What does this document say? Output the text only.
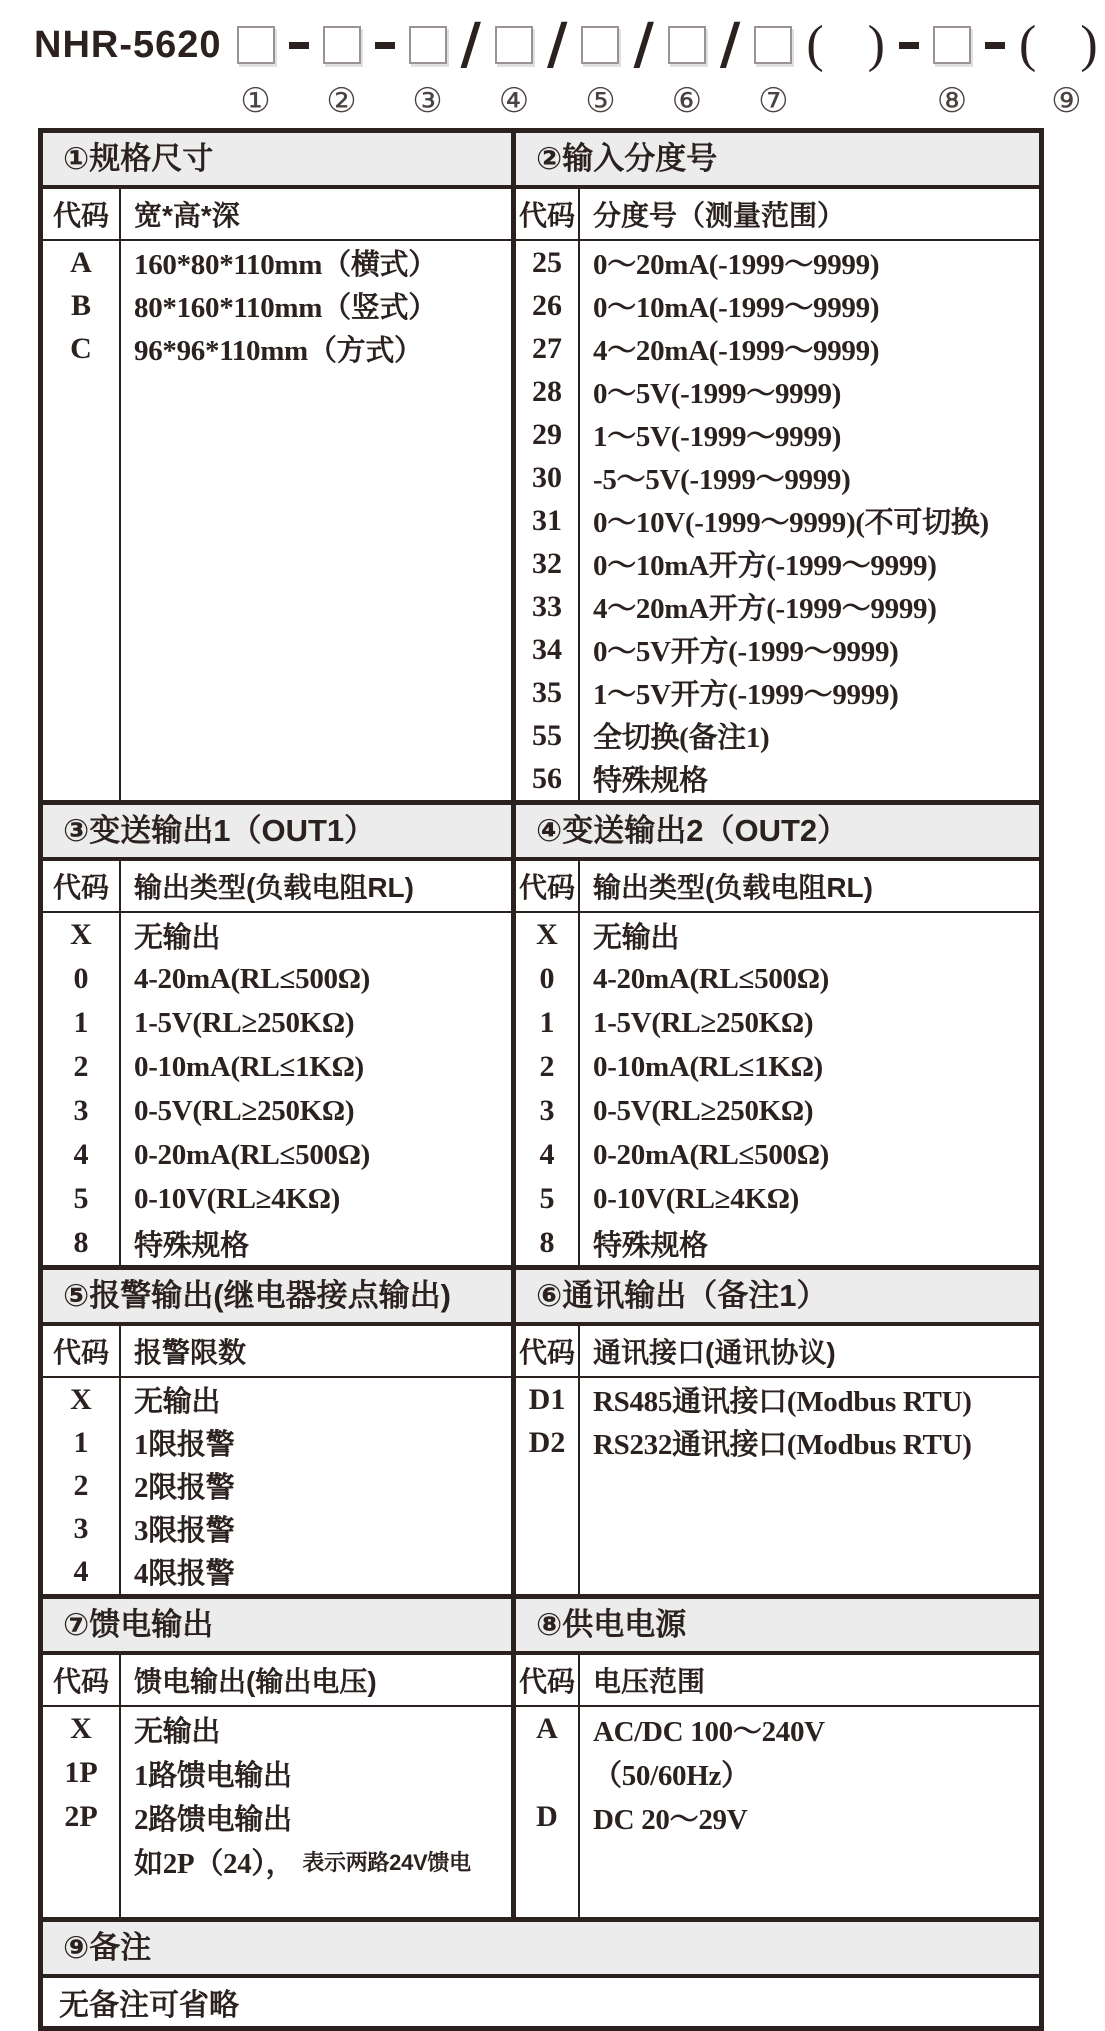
NHR-5620
① ② ③
/
④
/
⑤
/
⑥
/
⑦
( )
⑧
( )
⑨
①规格尺寸
代码 宽*高*深
A	160*80*110mm（横式）
B	80*160*110mm（竖式）
C	96*96*110mm（方式）
②输入分度号
代码 分度号（测量范围）
25	0～20mA(-1999～9999)
26	0～10mA(-1999～9999)
27	4～20mA(-1999～9999)
28	0～5V(-1999～9999)
29	1～5V(-1999～9999)
30	-5～5V(-1999～9999)
31	0～10V(-1999～9999)(不可切换)
32	0～10mA开方(-1999～9999)
33	4～20mA开方(-1999～9999)
34	0～5V开方(-1999～9999)
35	1～5V开方(-1999～9999)
55	全切换(备注1)
56	特殊规格
③变送输出1（OUT1）
代码 输出类型(负载电阻RL)
X	无输出
0	4-20mA(RL≤500Ω)
1	1-5V(RL≥250KΩ)
2	0-10mA(RL≤1KΩ)
3	0-5V(RL≥250KΩ)
4	0-20mA(RL≤500Ω)
5	0-10V(RL≥4KΩ)
8	特殊规格
④变送输出2（OUT2）
代码 输出类型(负载电阻RL)
X	无输出
0	4-20mA(RL≤500Ω)
1	1-5V(RL≥250KΩ)
2	0-10mA(RL≤1KΩ)
3	0-5V(RL≥250KΩ)
4	0-20mA(RL≤500Ω)
5	0-10V(RL≥4KΩ)
8	特殊规格
⑤报警输出(继电器接点输出)
代码 报警限数
X	无输出
1	1限报警
2	2限报警
3	3限报警
4	4限报警
⑥通讯输出（备注1）
代码 通讯接口(通讯协议)
D1 RS485通讯接口(Modbus RTU)
D2 RS232通讯接口(Modbus RTU)
⑦馈电输出
代码 馈电输出(输出电压)
X	无输出
1P	1路馈电输出
2P	2路馈电输出
如2P（24）， 表示两路24V馈电
⑧供电电源
代码 电压范围
A	AC/DC 100～240V
（50/60Hz）
D	DC 20～29V
⑨备注
无备注可省略
